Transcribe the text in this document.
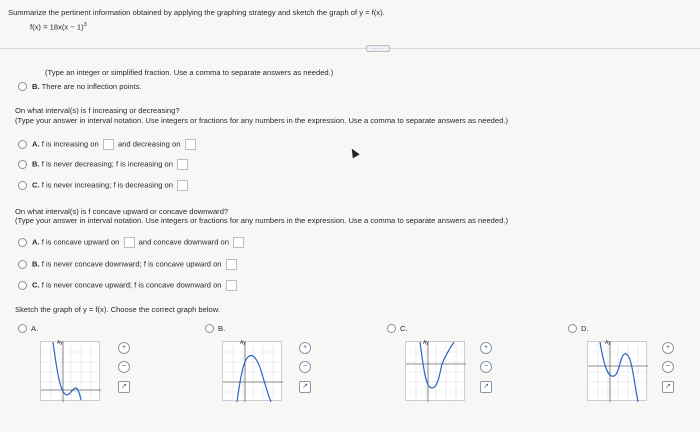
Summarize the pertinent information obtained by applying the graphing strategy and sketch the graph of y = f(x).
$f(x) = 18x(x - 1)^3$
.....
(Type an integer or simplified fraction. Use a comma to separate answers as needed.)
B. There are no inflection points.
On what interval(s) is f increasing or decreasing?
(Type your answer in interval notation. Use integers or fractions for any numbers in the expression. Use a comma to separate answers as needed.)
A. f is increasing on	and decreasing on
B. f is never decreasing; f is increasing on
C. f is never increasing; f is decreasing on
On what interval(s) is f concave upward or concave downward?
(Type your answer in interval notation. Use integers or fractions for any numbers in the expression. Use a comma to separate answers as needed.)
A. f is concave upward on	and concave downward on
B. f is never concave downward; f is concave upward on
C. f is never concave upward; f is concave downward on
Sketch the graph of y = f(x). Choose the correct graph below.
A.
Ay
+
−
↗
B.
Ay
+
−
↗
C.
Ay
+
−
↗
D.
Ay
+
−
↗
